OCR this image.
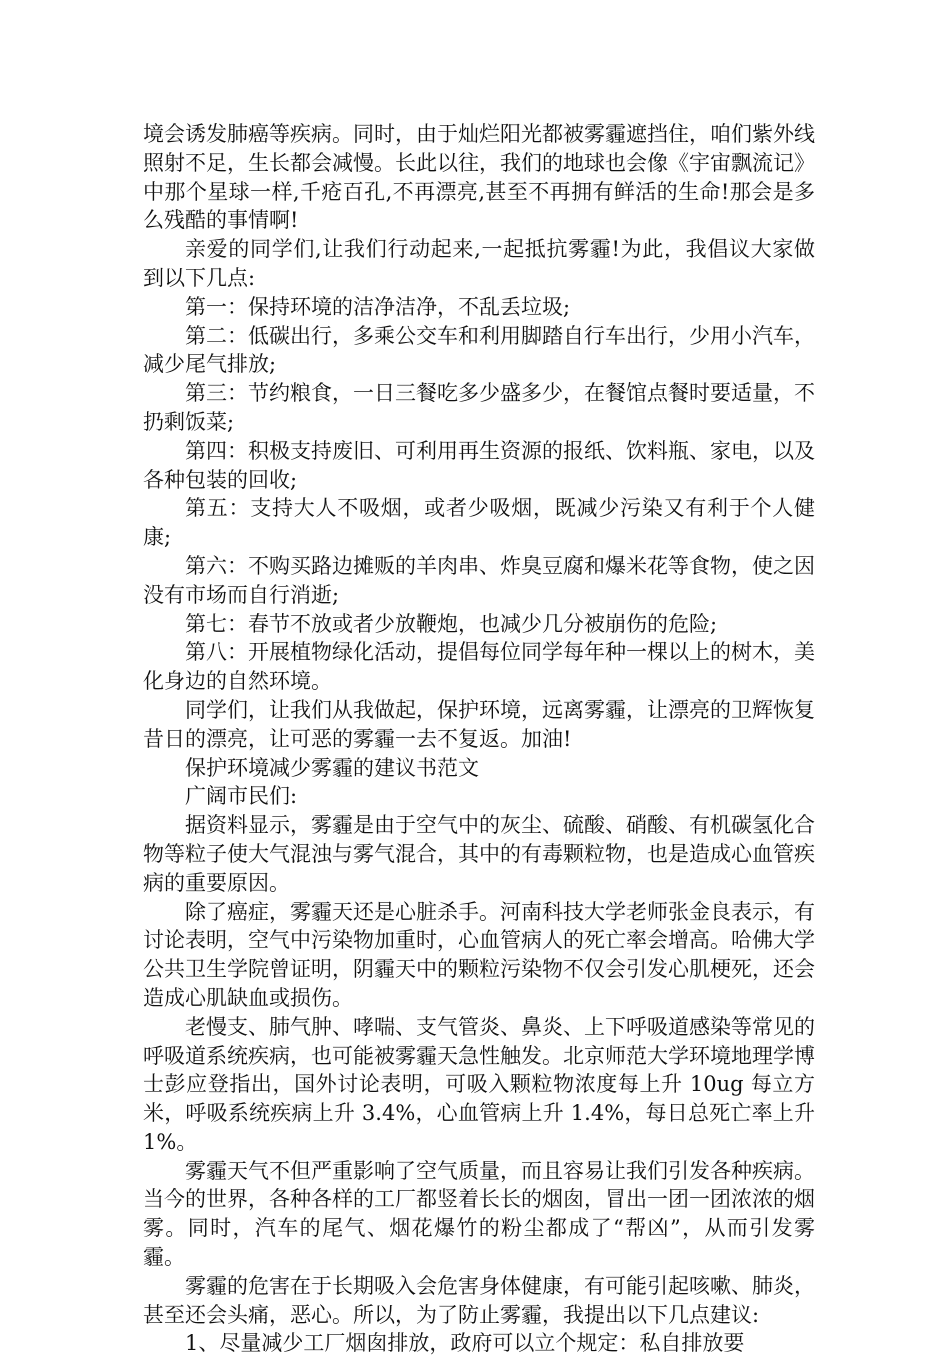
境会诱发肺癌等疾病。同时，由于灿烂阳光都被雾霾遮挡住，咱们紫外线照射不足，生长都会减慢。长此以往，我们的地球也会像《宇宙飘流记》中那个星球一样,千疮百孔,不再漂亮,甚至不再拥有鲜活的生命!那会是多么残酷的事情啊!

亲爱的同学们,让我们行动起来,一起抵抗雾霾!为此，我倡议大家做到以下几点:

第一：保持环境的洁净洁净，不乱丢垃圾;

第二：低碳出行，多乘公交车和利用脚踏自行车出行，少用小汽车，减少尾气排放;

第三：节约粮食，一日三餐吃多少盛多少，在餐馆点餐时要适量，不扔剩饭菜;

第四：积极支持废旧、可利用再生资源的报纸、饮料瓶、家电，以及各种包装的回收;

第五：支持大人不吸烟，或者少吸烟，既减少污染又有利于个人健康;

第六：不购买路边摊贩的羊肉串、炸臭豆腐和爆米花等食物，使之因没有市场而自行消逝;

第七：春节不放或者少放鞭炮，也减少几分被崩伤的危险;

第八：开展植物绿化活动，提倡每位同学每年种一棵以上的树木，美化身边的自然环境。

同学们，让我们从我做起，保护环境，远离雾霾，让漂亮的卫辉恢复昔日的漂亮，让可恶的雾霾一去不复返。加油!

保护环境减少雾霾的建议书范文

广阔市民们:

据资料显示，雾霾是由于空气中的灰尘、硫酸、硝酸、有机碳氢化合物等粒子使大气混浊与雾气混合，其中的有毒颗粒物，也是造成心血管疾病的重要原因。

除了癌症，雾霾天还是心脏杀手。河南科技大学老师张金良表示，有讨论表明，空气中污染物加重时，心血管病人的死亡率会增高。哈佛大学公共卫生学院曾证明，阴霾天中的颗粒污染物不仅会引发心肌梗死，还会造成心肌缺血或损伤。

老慢支、肺气肿、哮喘、支气管炎、鼻炎、上下呼吸道感染等常见的呼吸道系统疾病，也可能被雾霾天急性触发。北京师范大学环境地理学博士彭应登指出，国外讨论表明，可吸入颗粒物浓度每上升 10ug 每立方米，呼吸系统疾病上升 3.4%，心血管病上升 1.4%，每日总死亡率上升 1%。

雾霾天气不但严重影响了空气质量，而且容易让我们引发各种疾病。当今的世界，各种各样的工厂都竖着长长的烟囱，冒出一团一团浓浓的烟雾。同时，汽车的尾气、烟花爆竹的粉尘都成了“帮凶”，从而引发雾霾。

雾霾的危害在于长期吸入会危害身体健康，有可能引起咳嗽、肺炎，甚至还会头痛，恶心。所以，为了防止雾霾，我提出以下几点建议:

1、尽量减少工厂烟囱排放，政府可以立个规定：私自排放要
